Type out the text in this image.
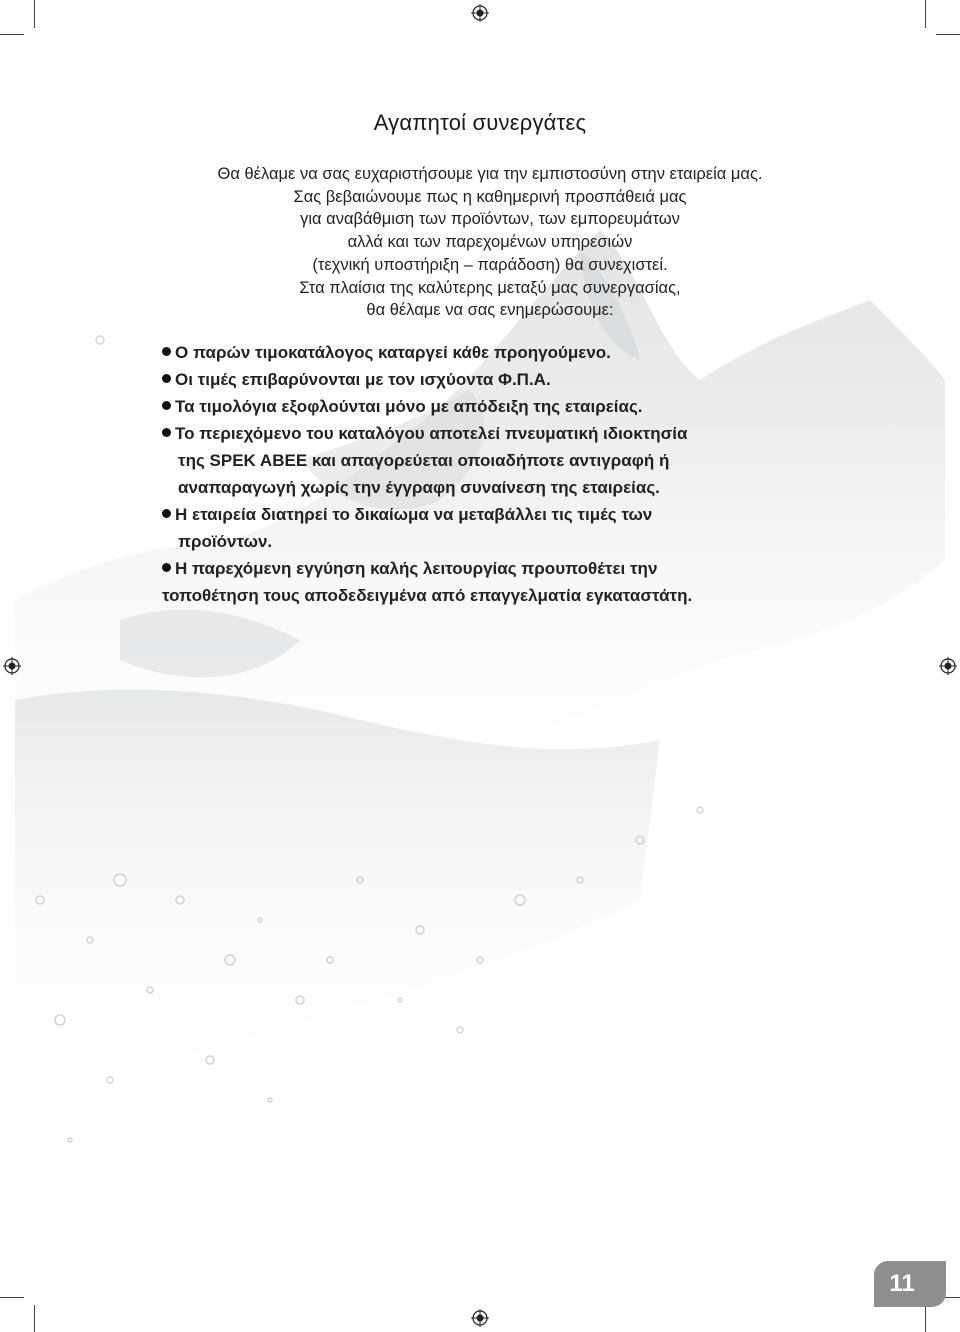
Αγαπητοί συνεργάτες
Θα θέλαμε να σας ευχαριστήσουμε για την εμπιστοσύνη στην εταιρεία μας.
Σας βεβαιώνουμε πως η καθημερινή προσπάθειά μας
για αναβάθμιση των προϊόντων, των εμπορευμάτων
αλλά και των παρεχομένων υπηρεσιών
(τεχνική υποστήριξη – παράδοση) θα συνεχιστεί.
Στα πλαίσια της καλύτερης μεταξύ μας συνεργασίας,
θα θέλαμε να σας ενημερώσουμε:
Ο παρών τιμοκατάλογος καταργεί κάθε προηγούμενο.
Οι τιμές επιβαρύνονται με τον ισχύοντα Φ.Π.Α.
Τα τιμολόγια εξοφλούνται μόνο με απόδειξη της εταιρείας.
Το περιεχόμενο του καταλόγου αποτελεί πνευματική ιδιοκτησία
της SPEK ABEE και απαγορεύεται οποιαδήποτε αντιγραφή ή
αναπαραγωγή χωρίς την έγγραφη συναίνεση της εταιρείας.
Η εταιρεία διατηρεί το δικαίωμα να μεταβάλλει τις τιμές των
προϊόντων.
Η παρεχόμενη εγγύηση καλής λειτουργίας προυποθέτει την
τοποθέτηση τους αποδεδειγμένα από επαγγελματία εγκαταστάτη.
11
